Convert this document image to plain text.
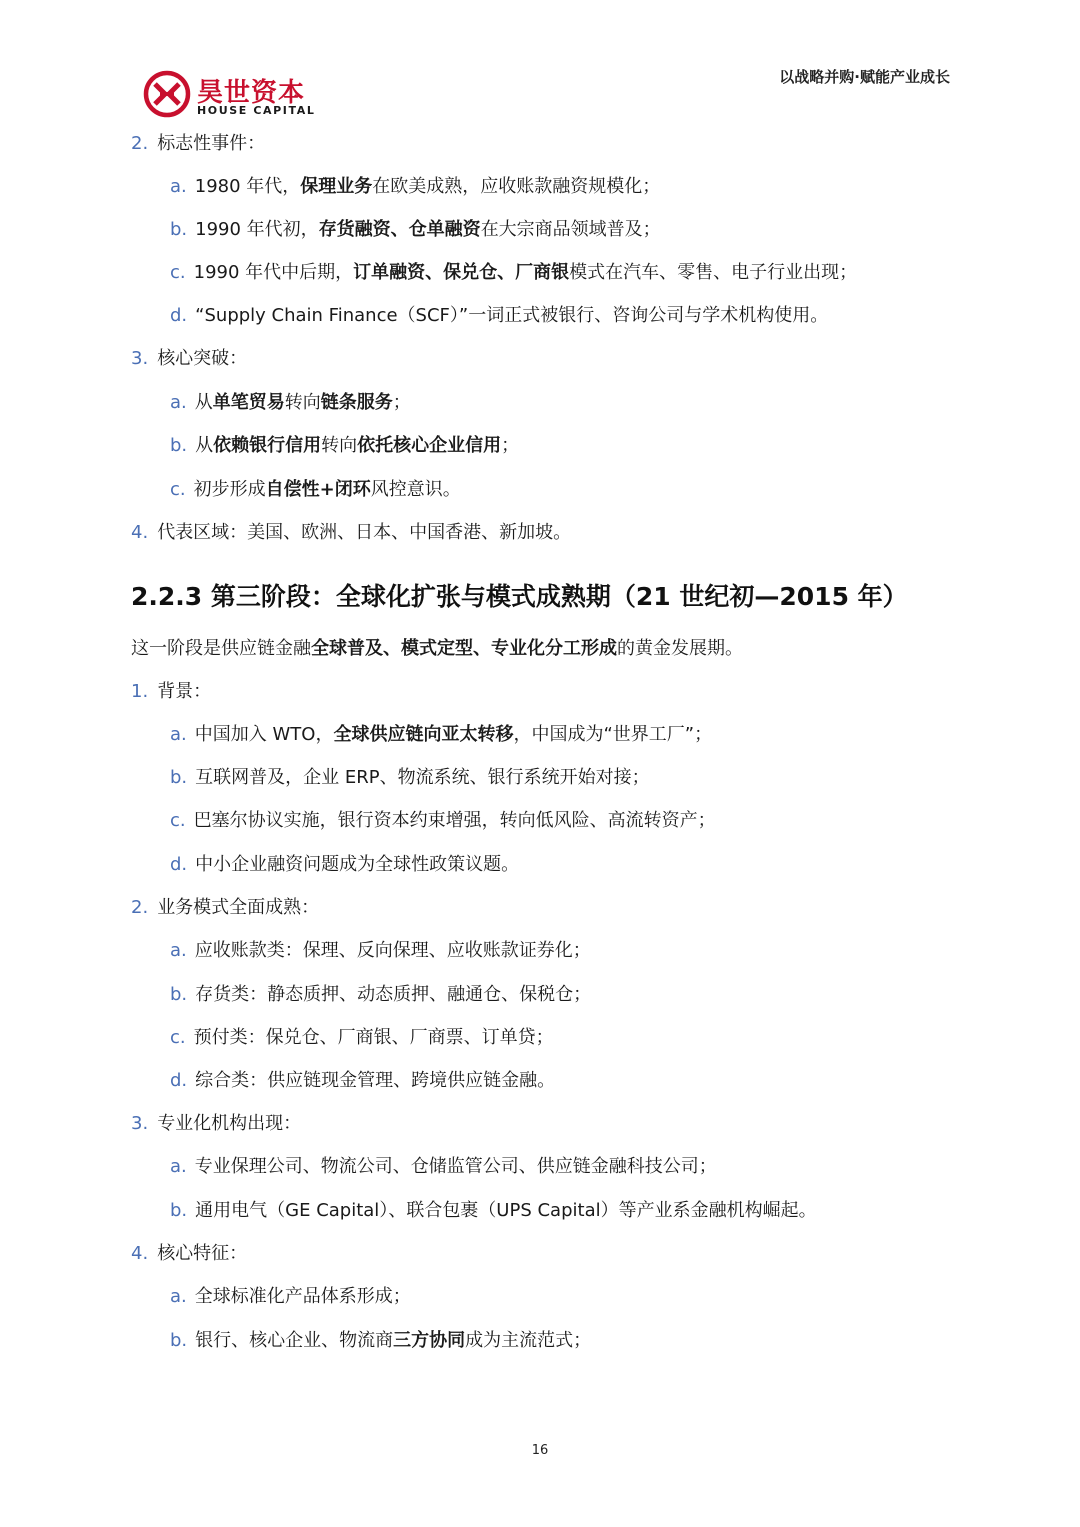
昊世资本
HOUSE CAPITAL
以战略并购·赋能产业成长
2. 标志性事件：
a. 1980 年代，保理业务在欧美成熟，应收账款融资规模化；
b. 1990 年代初，存货融资、仓单融资在大宗商品领域普及；
c. 1990 年代中后期，订单融资、保兑仓、厂商银模式在汽车、零售、电子行业出现；
d. “Supply Chain Finance（SCF）”一词正式被银行、咨询公司与学术机构使用。
3. 核心突破：
a. 从单笔贸易转向链条服务；
b. 从依赖银行信用转向依托核心企业信用；
c. 初步形成自偿性+闭环风控意识。
4. 代表区域：美国、欧洲、日本、中国香港、新加坡。
2.2.3 第三阶段：全球化扩张与模式成熟期（21 世纪初—2015 年）
这一阶段是供应链金融全球普及、模式定型、专业化分工形成的黄金发展期。
1. 背景：
a. 中国加入 WTO，全球供应链向亚太转移，中国成为“世界工厂”；
b. 互联网普及，企业 ERP、物流系统、银行系统开始对接；
c. 巴塞尔协议实施，银行资本约束增强，转向低风险、高流转资产；
d. 中小企业融资问题成为全球性政策议题。
2. 业务模式全面成熟：
a. 应收账款类：保理、反向保理、应收账款证券化；
b. 存货类：静态质押、动态质押、融通仓、保税仓；
c. 预付类：保兑仓、厂商银、厂商票、订单贷；
d. 综合类：供应链现金管理、跨境供应链金融。
3. 专业化机构出现：
a. 专业保理公司、物流公司、仓储监管公司、供应链金融科技公司；
b. 通用电气（GE Capital）、联合包裹（UPS Capital）等产业系金融机构崛起。
4. 核心特征：
a. 全球标准化产品体系形成；
b. 银行、核心企业、物流商三方协同成为主流范式；
16
